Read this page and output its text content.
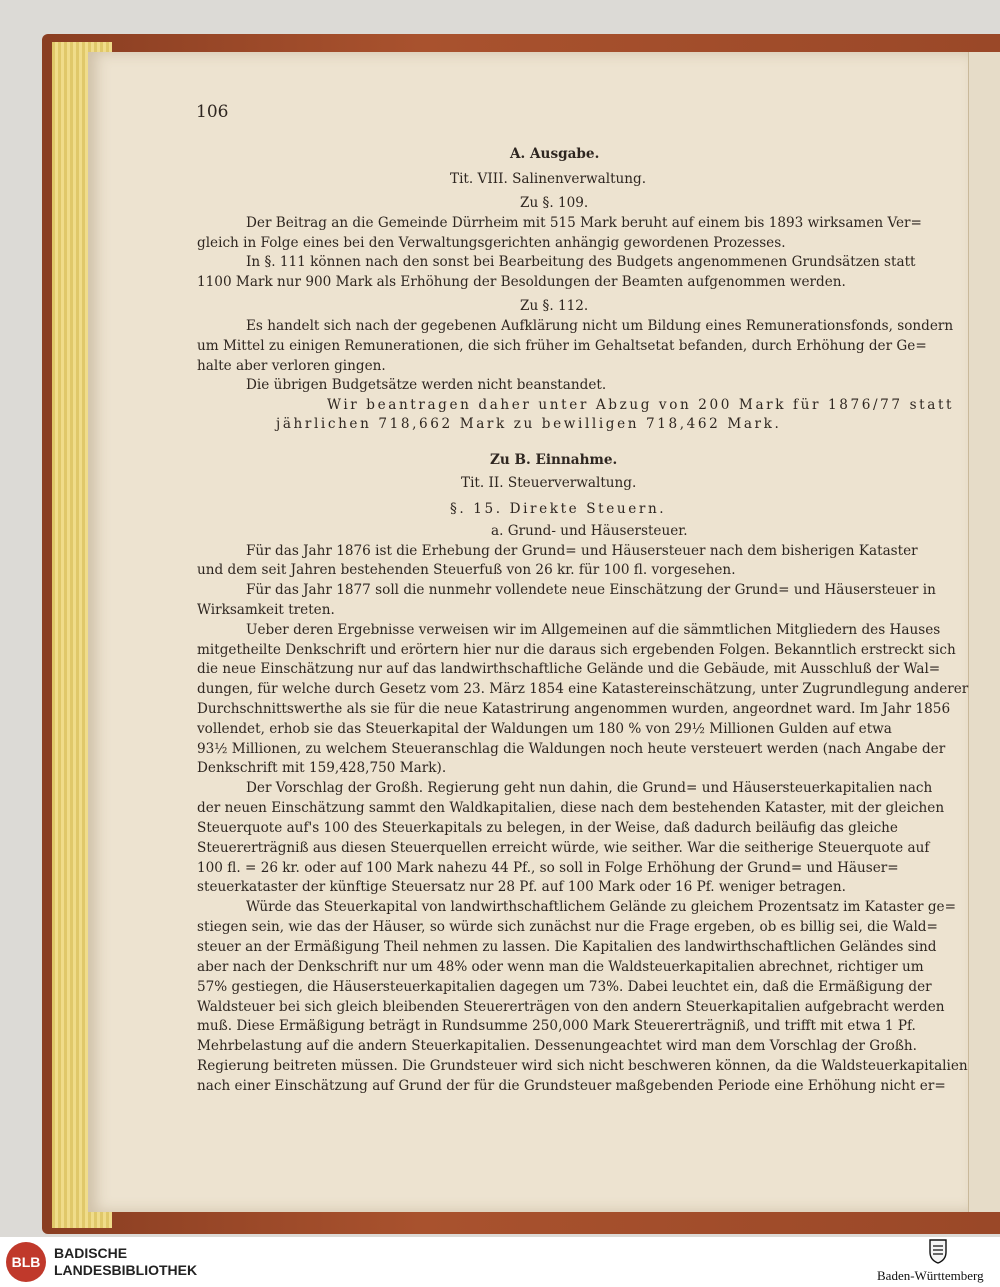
106
A. Ausgabe.
Tit. VIII. Salinenverwaltung.
Zu §. 109.
Der Beitrag an die Gemeinde Dürrheim mit 515 Mark beruht auf einem bis 1893 wirksamen Ver=
gleich in Folge eines bei den Verwaltungsgerichten anhängig gewordenen Prozesses.
In §. 111 können nach den sonst bei Bearbeitung des Budgets angenommenen Grundsätzen statt
1100 Mark nur 900 Mark als Erhöhung der Besoldungen der Beamten aufgenommen werden.
Zu §. 112.
Es handelt sich nach der gegebenen Aufklärung nicht um Bildung eines Remunerationsfonds, sondern
um Mittel zu einigen Remunerationen, die sich früher im Gehaltsetat befanden, durch Erhöhung der Ge=
halte aber verloren gingen.
Die übrigen Budgetsätze werden nicht beanstandet.
Wir beantragen daher unter Abzug von 200 Mark für 1876/77 statt
jährlichen 718,662 Mark zu bewilligen 718,462 Mark.
Zu B. Einnahme.
Tit. II. Steuerverwaltung.
§. 15. Direkte Steuern.
a. Grund- und Häusersteuer.
Für das Jahr 1876 ist die Erhebung der Grund= und Häusersteuer nach dem bisherigen Kataster
und dem seit Jahren bestehenden Steuerfuß von 26 kr. für 100 fl. vorgesehen.
Für das Jahr 1877 soll die nunmehr vollendete neue Einschätzung der Grund= und Häusersteuer in
Wirksamkeit treten.
Ueber deren Ergebnisse verweisen wir im Allgemeinen auf die sämmtlichen Mitgliedern des Hauses
mitgetheilte Denkschrift und erörtern hier nur die daraus sich ergebenden Folgen. Bekanntlich erstreckt sich
die neue Einschätzung nur auf das landwirthschaftliche Gelände und die Gebäude, mit Ausschluß der Wal=
dungen, für welche durch Gesetz vom 23. März 1854 eine Katastereinschätzung, unter Zugrundlegung anderer
Durchschnittswerthe als sie für die neue Katastrirung angenommen wurden, angeordnet ward. Im Jahr 1856
vollendet, erhob sie das Steuerkapital der Waldungen um 180 % von 29½ Millionen Gulden auf etwa
93½ Millionen, zu welchem Steueranschlag die Waldungen noch heute versteuert werden (nach Angabe der
Denkschrift mit 159,428,750 Mark).
Der Vorschlag der Großh. Regierung geht nun dahin, die Grund= und Häusersteuerkapitalien nach
der neuen Einschätzung sammt den Waldkapitalien, diese nach dem bestehenden Kataster, mit der gleichen
Steuerquote auf's 100 des Steuerkapitals zu belegen, in der Weise, daß dadurch beiläufig das gleiche
Steuererträgniß aus diesen Steuerquellen erreicht würde, wie seither. War die seitherige Steuerquote auf
100 fl. = 26 kr. oder auf 100 Mark nahezu 44 Pf., so soll in Folge Erhöhung der Grund= und Häuser=
steuerkataster der künftige Steuersatz nur 28 Pf. auf 100 Mark oder 16 Pf. weniger betragen.
Würde das Steuerkapital von landwirthschaftlichem Gelände zu gleichem Prozentsatz im Kataster ge=
stiegen sein, wie das der Häuser, so würde sich zunächst nur die Frage ergeben, ob es billig sei, die Wald=
steuer an der Ermäßigung Theil nehmen zu lassen. Die Kapitalien des landwirthschaftlichen Geländes sind
aber nach der Denkschrift nur um 48% oder wenn man die Waldsteuerkapitalien abrechnet, richtiger um
57% gestiegen, die Häusersteuerkapitalien dagegen um 73%. Dabei leuchtet ein, daß die Ermäßigung der
Waldsteuer bei sich gleich bleibenden Steuererträgen von den andern Steuerkapitalien aufgebracht werden
muß. Diese Ermäßigung beträgt in Rundsumme 250,000 Mark Steuererträgniß, und trifft mit etwa 1 Pf.
Mehrbelastung auf die andern Steuerkapitalien. Dessenungeachtet wird man dem Vorschlag der Großh.
Regierung beitreten müssen. Die Grundsteuer wird sich nicht beschweren können, da die Waldsteuerkapitalien
nach einer Einschätzung auf Grund der für die Grundsteuer maßgebenden Periode eine Erhöhung nicht er=
BLB
BADISCHE
LANDESBIBLIOTHEK	Baden-Württemberg
